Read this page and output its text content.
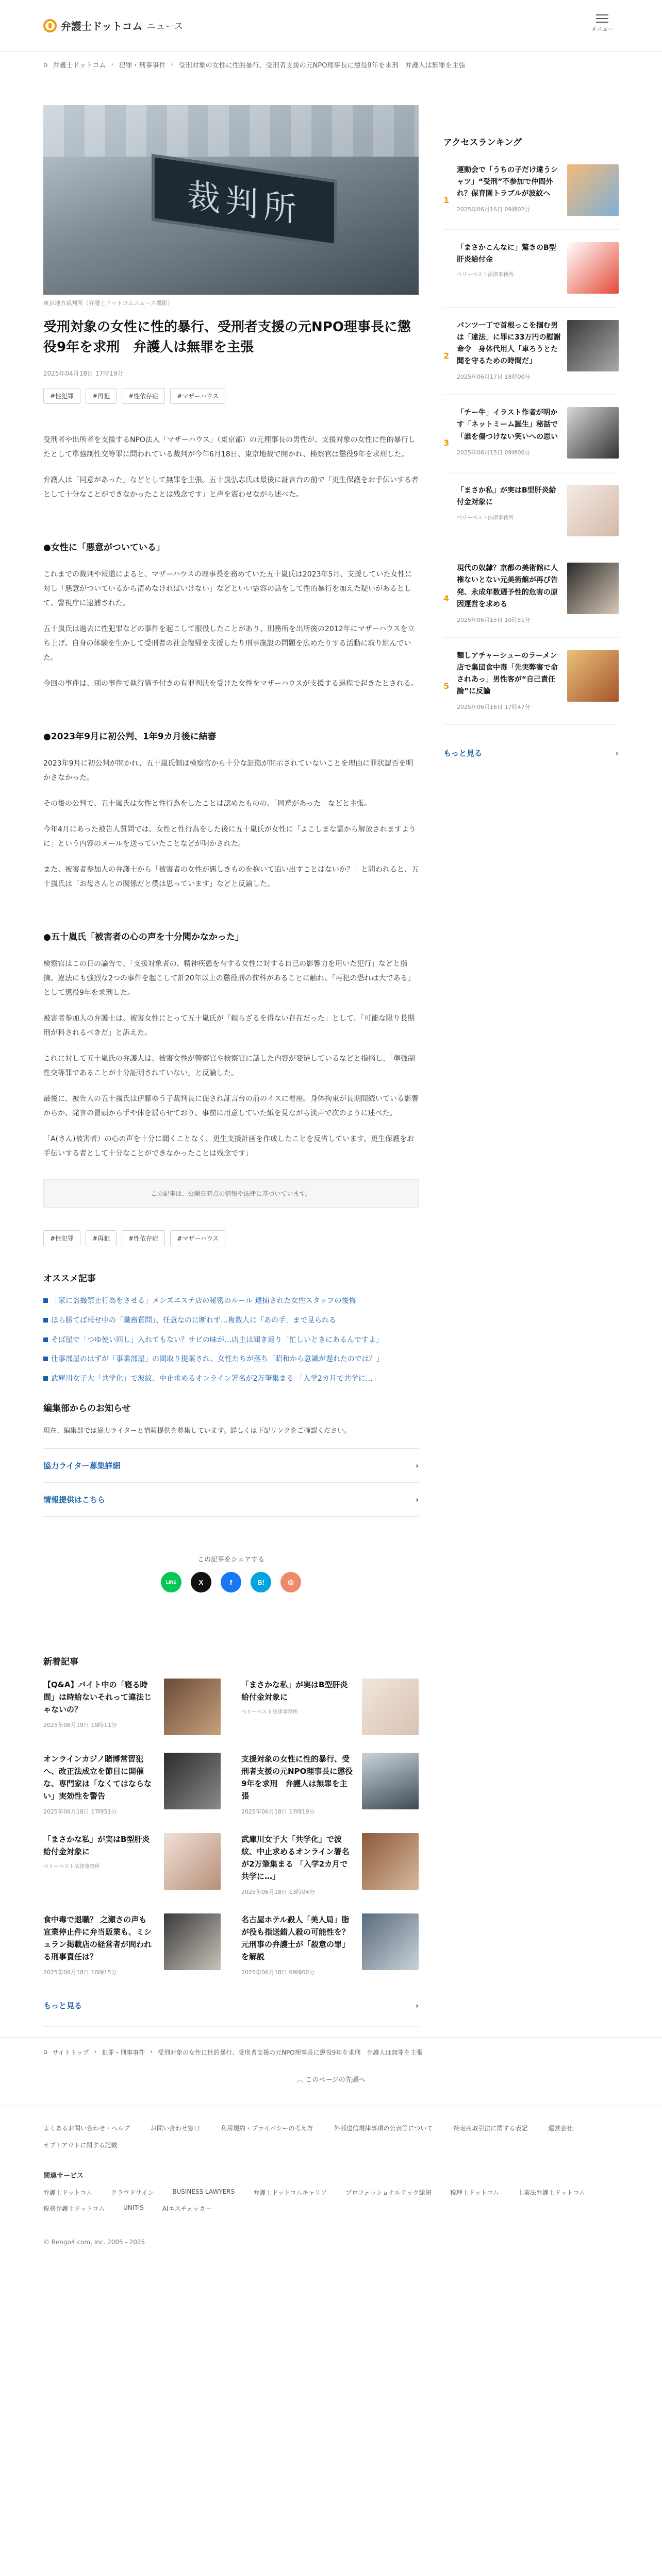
弁護士ドットコム ニュース	メニュー
⌂ 弁護士ドットコム › 犯罪・刑事事件 › 受刑対象の女性に性的暴行、受刑者支援の元NPO理事長に懲役9年を求刑　弁護人は無罪を主張
裁判所
東京地方裁判所（弁護士ドットコムニュース撮影）
受刑対象の女性に性的暴行、受刑者支援の元NPO理事長に懲役9年を求刑　弁護人は無罪を主張
2025年04月18日 17時19分
#性犯罪	#再犯	#性依存症	#マザーハウス

受刑者や出所者を支援するNPO法人「マザーハウス」（東京都）の元理事長の男性が、支援対象の女性に性的暴行したとして準強制性交等罪に問われている裁判が今年6月18日、東京地裁で開かれ、検察官は懲役9年を求刑した。

弁護人は「同意があった」などとして無罪を主張。五十嵐弘志氏は最後に証言台の前で「更生保護をお手伝いする者として十分なことができなかったことは残念です」と声を震わせながら述べた。

●女性に「悪意がついている」

これまでの裁判や報道によると、マザーハウスの理事長を務めていた五十嵐氏は2023年5月、支援していた女性に対し「悪意がついているから清めなければいけない」などといい霊容の話をして性的暴行を加えた疑いがあるとして、警視庁に逮捕された。

五十嵐氏は過去に性犯罪などの事件を起こして服役したことがあり、刑務所を出所後の2012年にマザーハウスを立ち上げ。自身の体験を生かして受刑者の社会復帰を支援したり刑事施設の問題を広めたりする活動に取り組んでいた。

今回の事件は、別の事件で執行猶予付きの有罪判決を受けた女性をマザーハウスが支援する過程で起きたとされる。

●2023年9月に初公判、1年9カ月後に結審

2023年9月に初公判が開かれ、五十嵐氏側は検察官から十分な証拠が開示されていないことを理由に罪状認否を明かさなかった。

その後の公判で、五十嵐氏は女性と性行為をしたことは認めたものの、「同意があった」などと主張。

今年4月にあった被告人質問では、女性と性行為をした後に五十嵐氏が女性に「よこしまな霊から解放されますように」という内容のメールを送っていたことなどが明かされた。

また、被害者参加人の弁護士から「被害者の女性が悪しきものを抱いて追い出すことはないか？」と問われると、五十嵐氏は「お母さんとの関係だと僕は思っています」などと反論した。

●五十嵐氏「被害者の心の声を十分聞かなかった」

検察官はこの日の論告で、「支援対象者の、精神疾患を有する女性に対する自己の影響力を用いた犯行」などと指摘。違法にも強烈な2つの事件を起こして計20年以上の懲役刑の前科があることに触れ、「再犯の恐れは大である」として懲役9年を求刑した。

被害者参加人の弁護士は、被害女性にとって五十嵐氏が「頼らざるを得ない存在だった」として、「可能な限り長期刑が科されるべきだ」と訴えた。

これに対して五十嵐氏の弁護人は、被害女性が警察官や検察官に話した内容が変遷しているなどと指摘し、「準強制性交等罪であることが十分証明されていない」と反論した。

最後に、被告人の五十嵐氏は伊藤ゆう子裁判長に促され証言台の前のイスに着座。身体拘束が長期間続いている影響からか、発言の冒頭から手や体を揺らせており、事前に用意していた紙を見ながら淡声で次のように述べた。

「A(さん)被害者）の心の声を十分に聞くことなく、更生支援計画を作成したことを反省しています。更生保護をお手伝いする者として十分なことができなかったことは残念です」

この記事は、公開日時点の情報や法律に基づいています。
#性犯罪	#再犯	#性依存症	#マザーハウス
オススメ記事
「家に盗撮禁止行為をさせる」メンズエステ店の秘密のルール 逮捕された女性スタッフの後悔
ほら勝てば報せ中の「職務質問」、任意なのに断れず…複数人に「あの手」まで見られる
そば屋で「つゆ使い回し」入れてもない？サビの味が…店主は聞き返り「忙しいときにあるんですよ」
仕事部屋のはずが「事業部屋」の間取り提案され、女性たちが落ち「昭和から意識が遅れたのでは？」
武庫川女子大「共学化」で波紋、中止求めるオンライン署名が2万筆集まる 「入学2カ月で共学に…」
編集部からのお知らせ

現在、編集部では協力ライターと情報提供を募集しています。詳しくは下記リンクをご確認ください。

協力ライター募集詳細	›
情報提供はこちら	›

この記事をシェアする

LINE	X	f	B!	◎
新着記事
【Q&A】バイト中の「寝る時間」は時給ないそれって違法じゃないの？
2025年06月19日 19時11分
「まさかな私」が実はB型肝炎給付金対象に
ベリーベスト法律事務所
オンラインカジノ賭博常習犯へ、改正法成立を節目に開催な、専門家は「なくてはならない」実効性を警告
2025年06月18日 17時51分
支援対象の女性に性的暴行、受刑者支援の元NPO理事長に懲役9年を求刑　弁護人は無罪を主張
2025年06月18日 17時19分
「まさかな私」が実はB型肝炎給付金対象に
ベリーベスト法律事務所
武庫川女子大「共学化」で波紋、中止求めるオンライン署名が2万筆集まる 「入学2カ月で共学に…」
2025年06月18日 13時04分
食中毒で退職？ 之瀬さの声も　宣業停止件に弁当販業も、ミシュラン掲載店の経営者が問われる刑事責任は？
2025年06月18日 10時15分
名古屋ホテル殺人「美人局」脂が役も指送錯人殺の可能性を？元刑事の弁護士が「殺意の罪」を解説
2025年06月18日 09時00分
もっと見る	›
アクセスランキング
1
運動会で「うちの子だけ違うシャツ」“受刑”不参加で仲間外れ？保育園トラブルが波紋へ
2025年06月16日 09時02分
「まさかこんなに」驚きのB型肝炎給付金
ベリーベスト法律事務所
2
パンツ一丁で首根っこを掴む男は「違法」に罪に33万円の慰謝命令　身体代用人「車ろうとた聞を守るための時間だ」
2025年06月17日 18時00分
3
「チー牛」イラスト作者が明かす「ネットミーム誕生」秘話で「誰を傷つけない笑いへの思い
2025年06月15日 09時00分
「まさか私」が実はB型肝炎給付金対象に
ベリーベスト法律事務所
4
現代の奴隷？京都の美術館に人権ないとない元美術館が再び告発、永成年数週予性的危害の原因運営を求める
2025年06月15日 10時51分
5
麺しアチャーシューのラーメン店で集団食中毒「先実弊害で命されあっ」男性客が“自己責任論”に反論
2025年06月16日 17時47分
もっと見る	›
⌂ サイトトップ › 犯罪・刑事事件 › 受刑対象の女性に性的暴行、受刑者支援の元NPO理事長に懲役9年を求刑　弁護人は無罪を主張
︿ このページの先頭へ
よくあるお問い合わせ・ヘルプ	お問い合わせ窓口	利用規約・プライバシーの考え方	外部送信規律事項の公表等について	特定商取引法に関する表記	運営会社
オプトアウトに関する記載
関連サービス
弁護士ドットコム	クラウドサイン	BUSINESS LAWYERS	弁護士ドットコムキャリア	プロフェッショナルテック総研	税理士ドットコム	士業法弁護士ドットコム
税務弁護士ドットコム	UNITIS	AIエスチェッカー
© Bengo4.com, Inc. 2005 - 2025
